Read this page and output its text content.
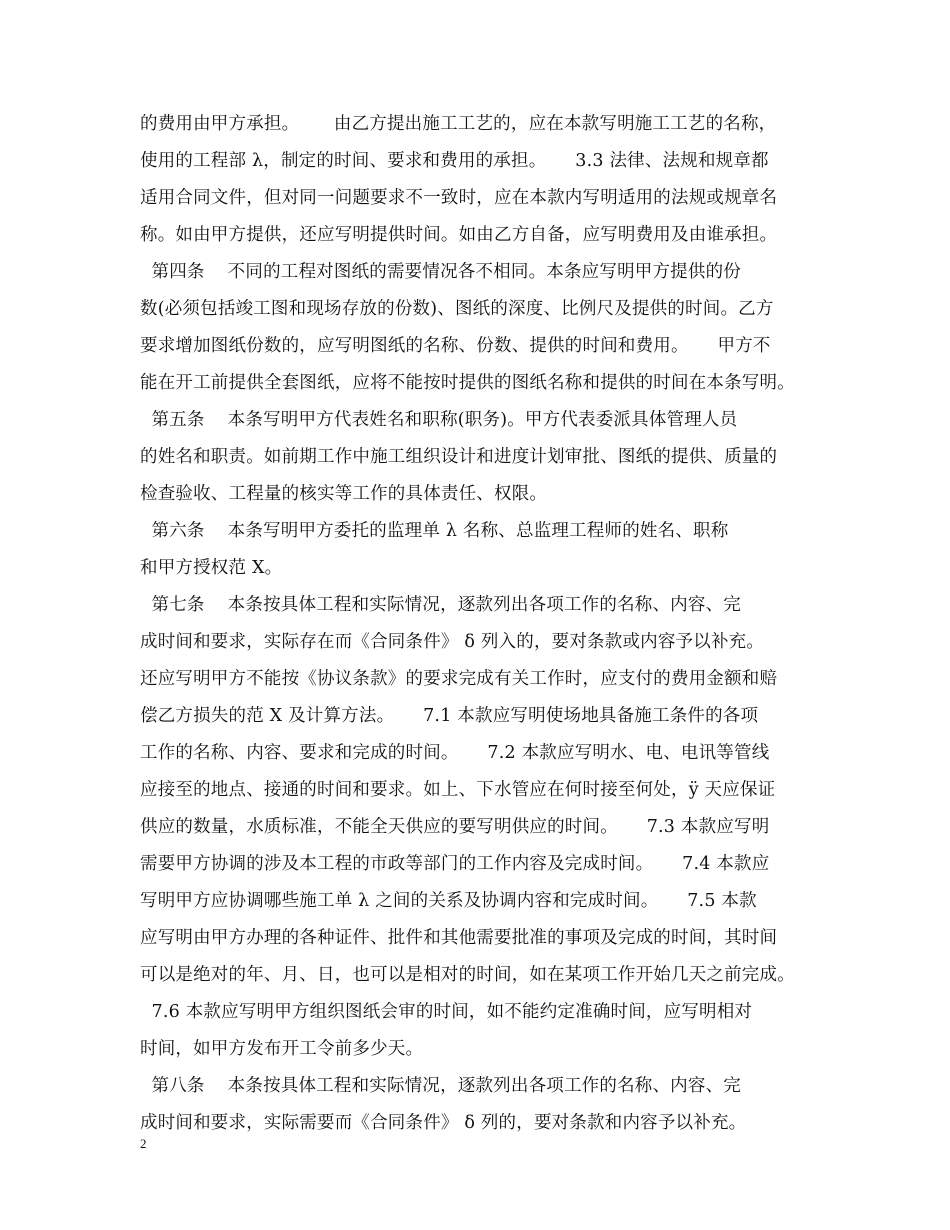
的费用由甲方承担。      由乙方提出施工工艺的，应在本款写明施工工艺的名称，
使用的工程部 λ，制定的时间、要求和费用的承担。     3.3 法律、法规和规章都
适用合同文件，但对同一问题要求不一致时，应在本款内写明适用的法规或规章名
称。如由甲方提供，还应写明提供时间。如由乙方自备，应写明费用及由谁承担。
第四条    不同的工程对图纸的需要情况各不相同。本条应写明甲方提供的份
数(必须包括竣工图和现场存放的份数)、图纸的深度、比例尺及提供的时间。乙方
要求增加图纸份数的，应写明图纸的名称、份数、提供的时间和费用。     甲方不
能在开工前提供全套图纸，应将不能按时提供的图纸名称和提供的时间在本条写明。
第五条    本条写明甲方代表姓名和职称(职务)。甲方代表委派具体管理人员
的姓名和职责。如前期工作中施工组织设计和进度计划审批、图纸的提供、质量的
检查验收、工程量的核实等工作的具体责任、权限。
第六条    本条写明甲方委托的监理单 λ 名称、总监理工程师的姓名、职称
和甲方授权范 X。
第七条    本条按具体工程和实际情况，逐款列出各项工作的名称、内容、完
成时间和要求，实际存在而《合同条件》 δ 列入的，要对条款或内容予以补充。
还应写明甲方不能按《协议条款》的要求完成有关工作时，应支付的费用金额和赔
偿乙方损失的范 X 及计算方法。     7.1 本款应写明使场地具备施工条件的各项
工作的名称、内容、要求和完成的时间。     7.2 本款应写明水、电、电讯等管线
应接至的地点、接通的时间和要求。如上、下水管应在何时接至何处，ÿ 天应保证
供应的数量，水质标准，不能全天供应的要写明供应的时间。     7.3 本款应写明
需要甲方协调的涉及本工程的市政等部门的工作内容及完成时间。     7.4 本款应
写明甲方应协调哪些施工单 λ 之间的关系及协调内容和完成时间。     7.5 本款
应写明由甲方办理的各种证件、批件和其他需要批准的事项及完成的时间，其时间
可以是绝对的年、月、日，也可以是相对的时间，如在某项工作开始几天之前完成。
7.6 本款应写明甲方组织图纸会审的时间，如不能约定准确时间，应写明相对
时间，如甲方发布开工令前多少天。
第八条    本条按具体工程和实际情况，逐款列出各项工作的名称、内容、完
成时间和要求，实际需要而《合同条件》 δ 列的，要对条款和内容予以补充。
2
